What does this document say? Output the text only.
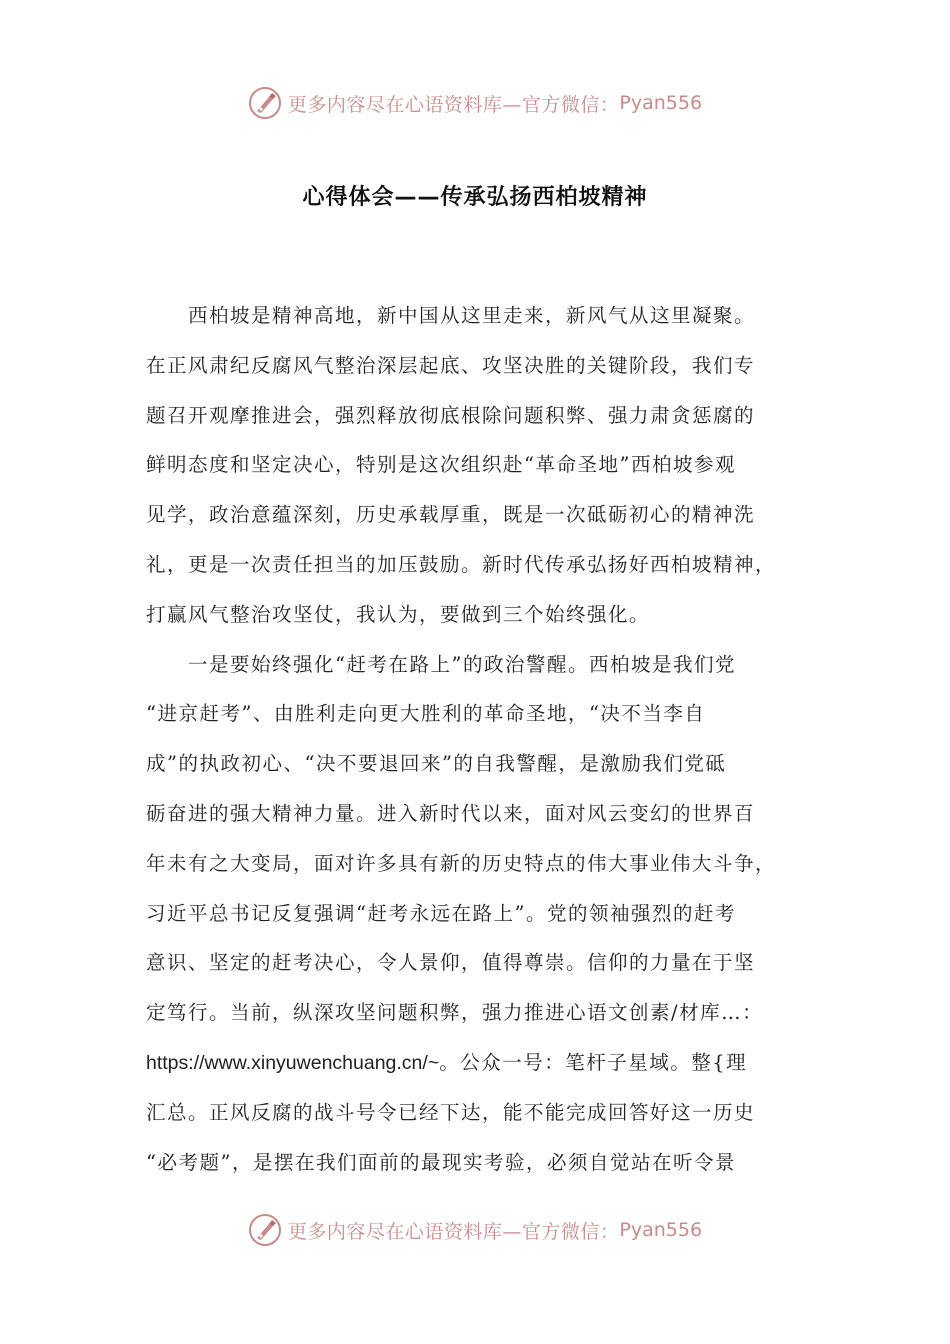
更多内容尽在心语资料库—官方微信： Pyan556
心得体会——传承弘扬西柏坡精神
　　西柏坡是精神高地，新中国从这里走来，新风气从这里凝聚。
在正风肃纪反腐风气整治深层起底、攻坚决胜的关键阶段，我们专
题召开观摩推进会，强烈释放彻底根除问题积弊、强力肃贪惩腐的
鲜明态度和坚定决心，特别是这次组织赴“革命圣地”西柏坡参观
见学，政治意蕴深刻，历史承载厚重，既是一次砥砺初心的精神洗
礼，更是一次责任担当的加压鼓励。新时代传承弘扬好西柏坡精神，
打赢风气整治攻坚仗，我认为，要做到三个始终强化。
　　一是要始终强化“赶考在路上”的政治警醒。西柏坡是我们党
“进京赶考”、由胜利走向更大胜利的革命圣地，“决不当李自
成”的执政初心、“决不要退回来”的自我警醒，是激励我们党砥
砺奋进的强大精神力量。进入新时代以来，面对风云变幻的世界百
年未有之大变局，面对许多具有新的历史特点的伟大事业伟大斗争，
习近平总书记反复强调“赶考永远在路上”。党的领袖强烈的赶考
意识、坚定的赶考决心，令人景仰，值得尊崇。信仰的力量在于坚
定笃行。当前，纵深攻坚问题积弊，强力推进心语文创素/材库…：
https://www.xinyuwenchuang.cn/~。公众一号：笔杆子星域。整{理
汇总。正风反腐的战斗号令已经下达，能不能完成回答好这一历史
“必考题”，是摆在我们面前的最现实考验，必须自觉站在听令景
更多内容尽在心语资料库—官方微信： Pyan556
